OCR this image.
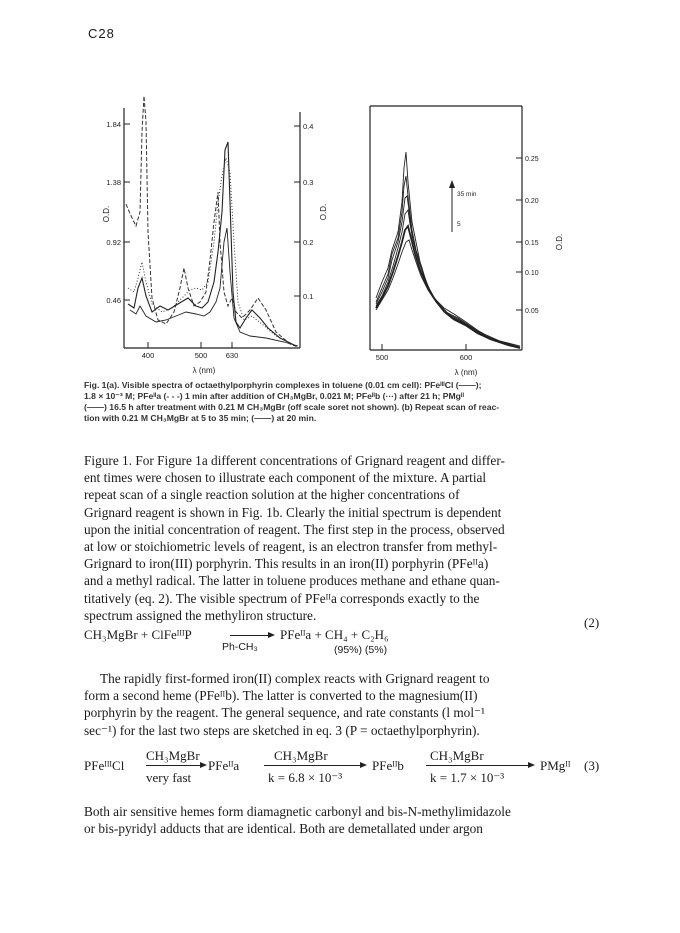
C28
1.84
1.38
0.92
0.46
0.4
0.3
0.2
0.1
400	500 630
λ (nm)
O.D.	O.D.
0.25
0.20
0.15
0.10
0.05
500	600
λ (nm)
O.D.
35 min
5
Fig. 1(a). Visible spectra of octaethylporphyrin complexes in toluene (0.01 cm cell): PFeᴵᴵᴵCl (——);
1.8 × 10⁻³ M; PFeᴵᴵa (- - -) 1 min after addition of CH₃MgBr, 0.021 M; PFeᴵᴵb (···) after 21 h; PMgᴵᴵ
(——) 16.5 h after treatment with 0.21 M CH₃MgBr (off scale soret not shown). (b) Repeat scan of reac-
tion with 0.21 M CH₃MgBr at 5 to 35 min; (——) at 20 min.
Figure 1. For Figure 1a different concentrations of Grignard reagent and differ-
ent times were chosen to illustrate each component of the mixture. A partial
repeat scan of a single reaction solution at the higher concentrations of
Grignard reagent is shown in Fig. 1b. Clearly the initial spectrum is dependent
upon the initial concentration of reagent. The first step in the process, observed
at low or stoichiometric levels of reagent, is an electron transfer from methyl-
Grignard to iron(III) porphyrin. This results in an iron(II) porphyrin (PFeᴵᴵa)
and a methyl radical. The latter in toluene produces methane and ethane quan-
titatively (eq. 2). The visible spectrum of PFeᴵᴵa corresponds exactly to the
spectrum assigned the methyliron structure.
CH₃MgBr + ClFeᴵᴵᴵP
Ph-CH₃
PFeᴵᴵa + CH₄ + C₂H₆
(95%) (5%)
(2)
The rapidly first-formed iron(II) complex reacts with Grignard reagent to
form a second heme (PFeᴵᴵb). The latter is converted to the magnesium(II)
porphyrin by the reagent. The general sequence, and rate constants (l mol⁻¹
sec⁻¹) for the last two steps are sketched in eq. 3 (P = octaethylporphyrin).
PFeᴵᴵᴵCl
CH₃MgBr
very fast
PFeᴵᴵa
CH₃MgBr
k = 6.8 × 10⁻³
PFeᴵᴵb
CH₃MgBr
k = 1.7 × 10⁻³
PMgᴵᴵ (3)
Both air sensitive hemes form diamagnetic carbonyl and bis-N-methylimidazole
or bis-pyridyl adducts that are identical. Both are demetallated under argon
